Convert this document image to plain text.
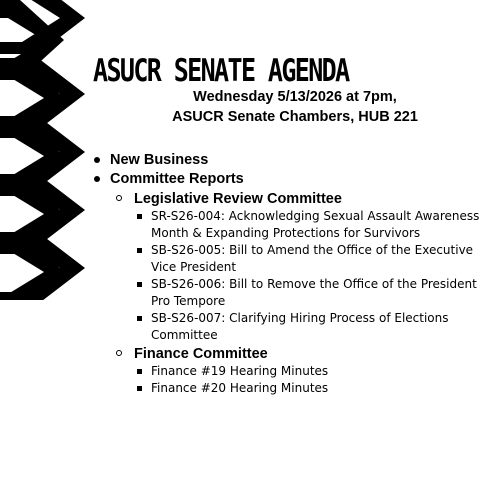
ASUCR SENATE AGENDA
Wednesday 5/13/2026 at 7pm,
ASUCR Senate Chambers, HUB 221
New Business
Committee Reports
Legislative Review Committee
SR-S26-004: Acknowledging Sexual Assault Awareness Month & Expanding Protections for Survivors
SB-S26-005: Bill to Amend the Office of the Executive Vice President
SB-S26-006: Bill to Remove the Office of the President Pro Tempore
SB-S26-007: Clarifying Hiring Process of Elections Committee
Finance Committee
Finance #19 Hearing Minutes
Finance #20 Hearing Minutes
